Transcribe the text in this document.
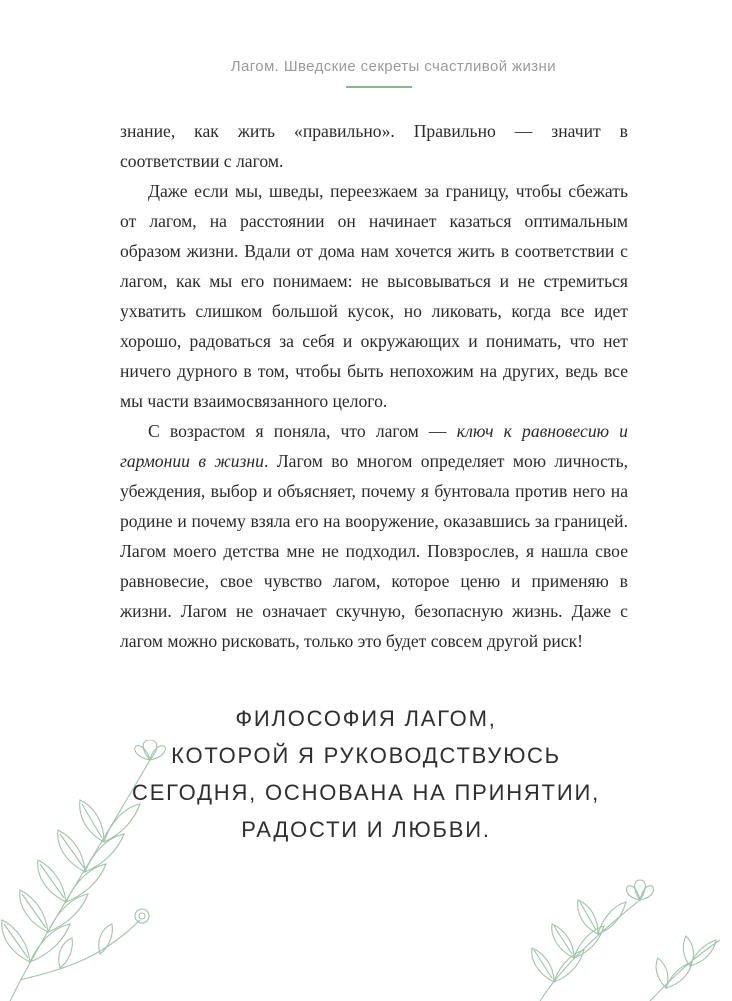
Лагом. Шведские секреты счастливой жизни

знание, как жить «правильно». Правильно — значит в соответствии с лагом.

Даже если мы, шведы, переезжаем за границу, чтобы сбежать от лагом, на расстоянии он начинает казаться оптимальным образом жизни. Вдали от дома нам хочется жить в соответствии с лагом, как мы его понимаем: не высовываться и не стремиться ухватить слишком большой кусок, но ликовать, когда все идет хорошо, радоваться за себя и окружающих и понимать, что нет ничего дурного в том, чтобы быть непохожим на других, ведь все мы части взаимосвязанного целого.

С возрастом я поняла, что лагом — ключ к равновесию и гармонии в жизни. Лагом во многом определяет мою личность, убеждения, выбор и объясняет, почему я бунтовала против него на родине и почему взяла его на вооружение, оказавшись за границей. Лагом моего детства мне не подходил. Повзрослев, я нашла свое равновесие, свое чувство лагом, которое ценю и применяю в жизни. Лагом не означает скучную, безопасную жизнь. Даже с лагом можно рисковать, только это будет совсем другой риск!

ФИЛОСОФИЯ ЛАГОМ,
КОТОРОЙ Я РУКОВОДСТВУЮСЬ
СЕГОДНЯ, ОСНОВАНА НА ПРИНЯТИИ,
РАДОСТИ И ЛЮБВИ.
